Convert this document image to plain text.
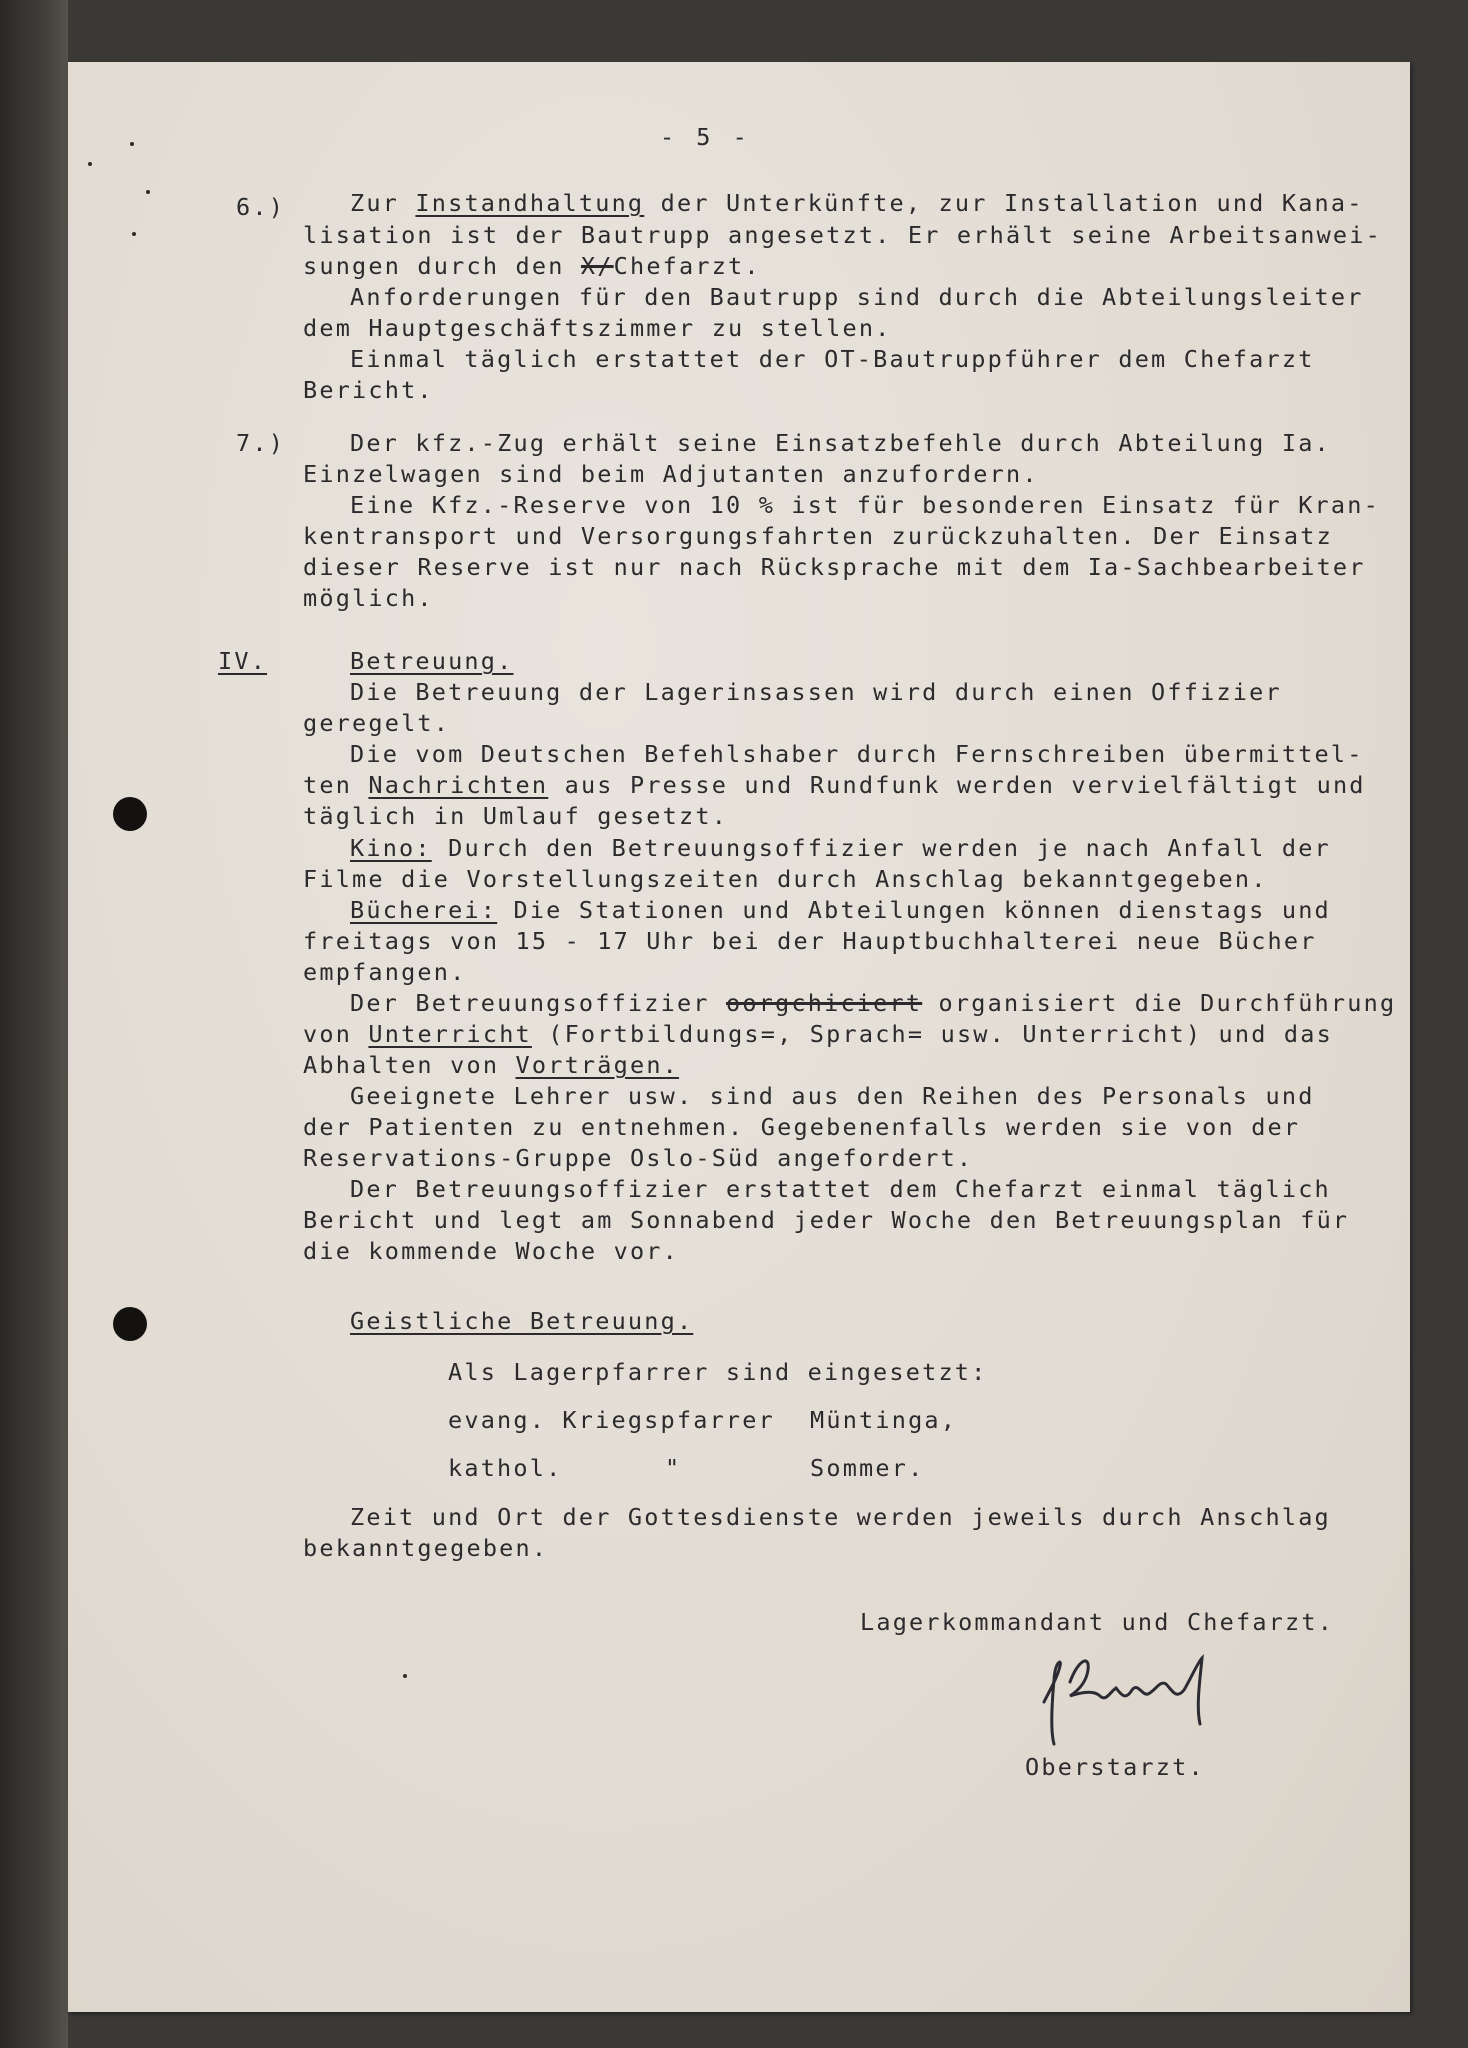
- 5 -
6.)	Zur Instandhaltung der Unterkünfte, zur Installation und Kana-
lisation ist der Bautrupp angesetzt. Er erhält seine Arbeitsanwei-
sungen durch den X/Chefarzt.
Anforderungen für den Bautrupp sind durch die Abteilungsleiter
dem Hauptgeschäftszimmer zu stellen.
Einmal täglich erstattet der OT-Bautruppführer dem Chefarzt
Bericht.
7.)	Der kfz.-Zug erhält seine Einsatzbefehle durch Abteilung Ia.
Einzelwagen sind beim Adjutanten anzufordern.
Eine Kfz.-Reserve von 10 % ist für besonderen Einsatz für Kran-
kentransport und Versorgungsfahrten zurückzuhalten. Der Einsatz
dieser Reserve ist nur nach Rücksprache mit dem Ia-Sachbearbeiter
möglich.
IV.	Betreuung.
Die Betreuung der Lagerinsassen wird durch einen Offizier
geregelt.
Die vom Deutschen Befehlshaber durch Fernschreiben übermittel-
ten Nachrichten aus Presse und Rundfunk werden vervielfältigt und
täglich in Umlauf gesetzt.
Kino: Durch den Betreuungsoffizier werden je nach Anfall der
Filme die Vorstellungszeiten durch Anschlag bekanntgegeben.
Bücherei: Die Stationen und Abteilungen können dienstags und
freitags von 15 - 17 Uhr bei der Hauptbuchhalterei neue Bücher
empfangen.
Der Betreuungsoffizier oorgchiciert organisiert die Durchführung
von Unterricht (Fortbildungs=, Sprach= usw. Unterricht) und das
Abhalten von Vorträgen.
Geeignete Lehrer usw. sind aus den Reihen des Personals und
der Patienten zu entnehmen. Gegebenenfalls werden sie von der
Reservations-Gruppe Oslo-Süd angefordert.
Der Betreuungsoffizier erstattet dem Chefarzt einmal täglich
Bericht und legt am Sonnabend jeder Woche den Betreuungsplan für
die kommende Woche vor.
Geistliche Betreuung.
Als Lagerpfarrer sind eingesetzt:
evang. Kriegspfarrer Müntinga,
kathol.	"	Sommer.
Zeit und Ort der Gottesdienste werden jeweils durch Anschlag
bekanntgegeben.
Lagerkommandant und Chefarzt.
Oberstarzt.
